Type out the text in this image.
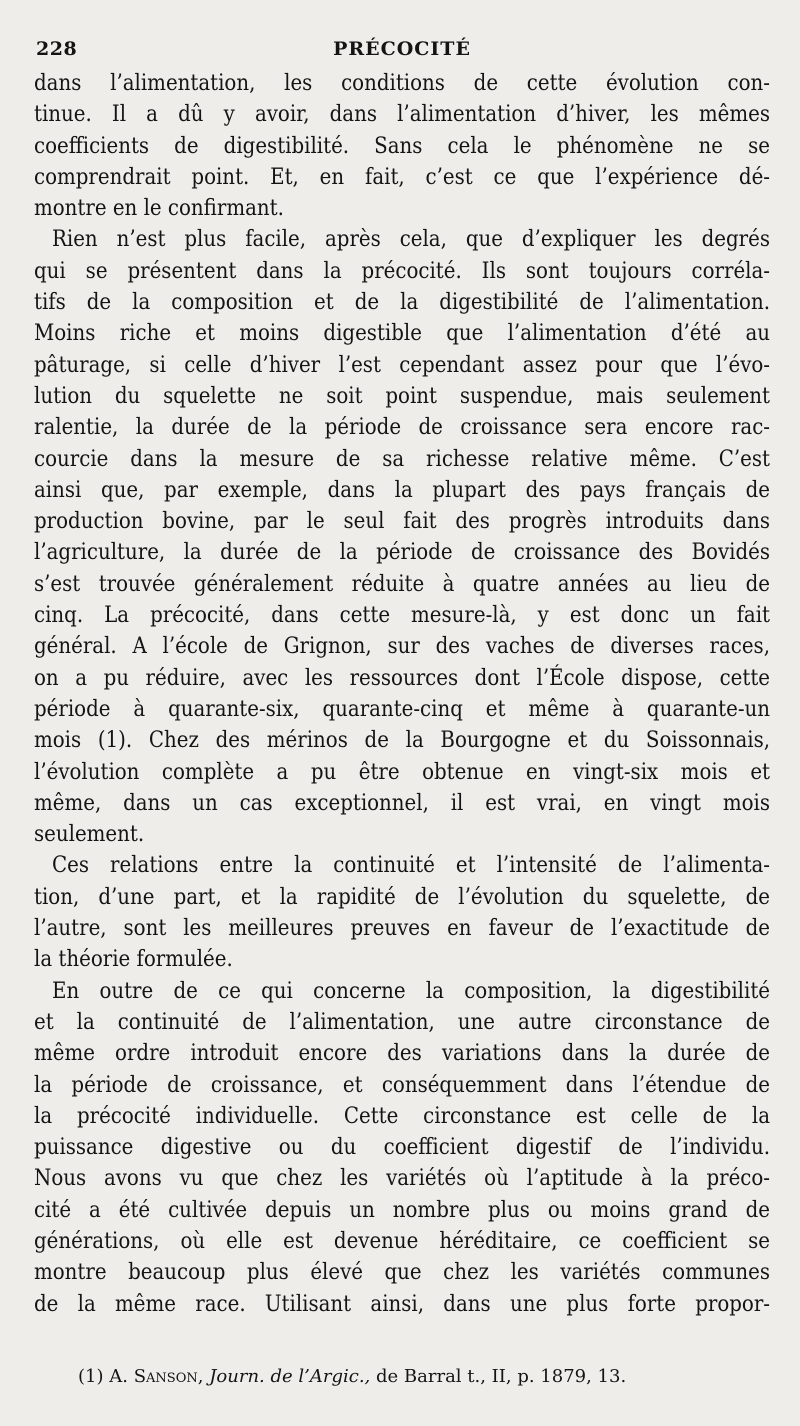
228	PRÉCOCITÉ
dans l’alimentation, les conditions de cette évolution con-
tinue. Il a dû y avoir, dans l’alimentation d’hiver, les mêmes
coefficients de digestibilité. Sans cela le phénomène ne se
comprendrait point. Et, en fait, c’est ce que l’expérience dé-
montre en le confirmant.
Rien n’est plus facile, après cela, que d’expliquer les degrés
qui se présentent dans la précocité. Ils sont toujours corréla-
tifs de la composition et de la digestibilité de l’alimentation.
Moins riche et moins digestible que l’alimentation d’été au
pâturage, si celle d’hiver l’est cependant assez pour que l’évo-
lution du squelette ne soit point suspendue, mais seulement
ralentie, la durée de la période de croissance sera encore rac-
courcie dans la mesure de sa richesse relative même. C’est
ainsi que, par exemple, dans la plupart des pays français de
production bovine, par le seul fait des progrès introduits dans
l’agriculture, la durée de la période de croissance des Bovidés
s’est trouvée généralement réduite à quatre années au lieu de
cinq. La précocité, dans cette mesure-là, y est donc un fait
général. A l’école de Grignon, sur des vaches de diverses races,
on a pu réduire, avec les ressources dont l’École dispose, cette
période à quarante-six, quarante-cinq et même à quarante-un
mois (1). Chez des mérinos de la Bourgogne et du Soissonnais,
l’évolution complète a pu être obtenue en vingt-six mois et
même, dans un cas exceptionnel, il est vrai, en vingt mois
seulement.
Ces relations entre la continuité et l’intensité de l’alimenta-
tion, d’une part, et la rapidité de l’évolution du squelette, de
l’autre, sont les meilleures preuves en faveur de l’exactitude de
la théorie formulée.
En outre de ce qui concerne la composition, la digestibilité
et la continuité de l’alimentation, une autre circonstance de
même ordre introduit encore des variations dans la durée de
la période de croissance, et conséquemment dans l’étendue de
la précocité individuelle. Cette circonstance est celle de la
puissance digestive ou du coefficient digestif de l’individu.
Nous avons vu que chez les variétés où l’aptitude à la préco-
cité a été cultivée depuis un nombre plus ou moins grand de
générations, où elle est devenue héréditaire, ce coefficient se
montre beaucoup plus élevé que chez les variétés communes
de la même race. Utilisant ainsi, dans une plus forte propor-
(1) A. Sanson, Journ. de l’Argic., de Barral t., II, p. 1879, 13.
